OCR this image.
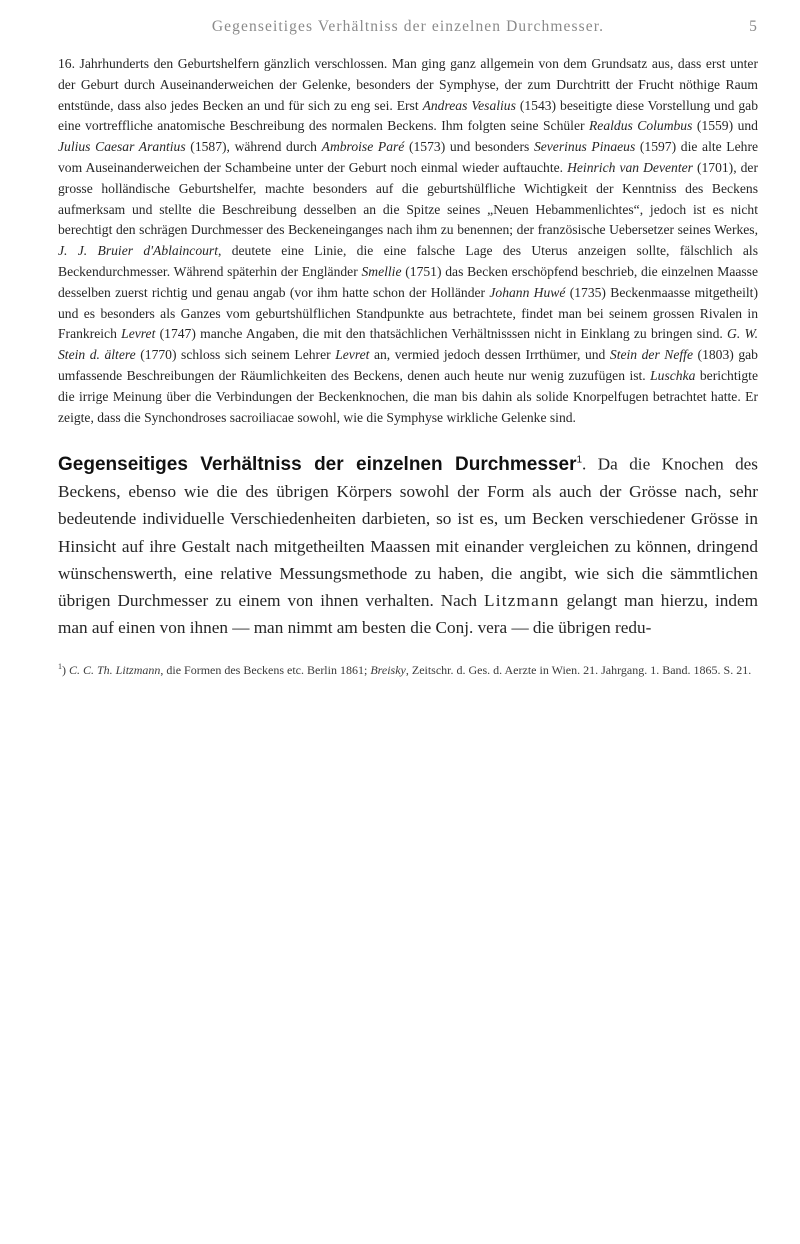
Gegenseitiges Verhältniss der einzelnen Durchmesser.	5

16. Jahrhunderts den Geburtshelfern gänzlich verschlossen. Man ging ganz allgemein von dem Grundsatz aus, dass erst unter der Geburt durch Auseinanderweichen der Gelenke, besonders der Symphyse, der zum Durchtritt der Frucht nöthige Raum entstünde, dass also jedes Becken an und für sich zu eng sei. Erst Andreas Vesalius (1543) beseitigte diese Vorstellung und gab eine vortreffliche anatomische Beschreibung des normalen Beckens. Ihm folgten seine Schüler Realdus Columbus (1559) und Julius Caesar Arantius (1587), während durch Ambroise Paré (1573) und besonders Severinus Pinaeus (1597) die alte Lehre vom Auseinanderweichen der Schambeine unter der Geburt noch einmal wieder auftauchte. Heinrich van Deventer (1701), der grosse holländische Geburtshelfer, machte besonders auf die geburtshülfliche Wichtigkeit der Kenntniss des Beckens aufmerksam und stellte die Beschreibung desselben an die Spitze seines „Neuen Hebammenlichtes“, jedoch ist es nicht berechtigt den schrägen Durchmesser des Beckeneinganges nach ihm zu benennen; der französische Uebersetzer seines Werkes, J. J. Bruier d'Ablaincourt, deutete eine Linie, die eine falsche Lage des Uterus anzeigen sollte, fälschlich als Beckendurchmesser. Während späterhin der Engländer Smellie (1751) das Becken erschöpfend beschrieb, die einzelnen Maasse desselben zuerst richtig und genau angab (vor ihm hatte schon der Holländer Johann Huwé (1735) Beckenmaasse mitgetheilt) und es besonders als Ganzes vom geburtshülflichen Standpunkte aus betrachtete, findet man bei seinem grossen Rivalen in Frankreich Levret (1747) manche Angaben, die mit den thatsächlichen Verhältnisssen nicht in Einklang zu bringen sind. G. W. Stein d. ältere (1770) schloss sich seinem Lehrer Levret an, vermied jedoch dessen Irrthümer, und Stein der Neffe (1803) gab umfassende Beschreibungen der Räumlichkeiten des Beckens, denen auch heute nur wenig zuzufügen ist. Luschka berichtigte die irrige Meinung über die Verbindungen der Beckenknochen, die man bis dahin als solide Knorpelfugen betrachtet hatte. Er zeigte, dass die Synchondroses sacroiliacae sowohl, wie die Symphyse wirkliche Gelenke sind.

Gegenseitiges Verhältniss der einzelnen Durchmesser$^1$. Da die Knochen des Beckens, ebenso wie die des übrigen Körpers sowohl der Form als auch der Grösse nach, sehr bedeutende individuelle Verschiedenheiten darbieten, so ist es, um Becken verschiedener Grösse in Hinsicht auf ihre Gestalt nach mitgetheilten Maassen mit einander vergleichen zu können, dringend wünschenswerth, eine relative Messungsmethode zu haben, die angibt, wie sich die sämmtlichen übrigen Durchmesser zu einem von ihnen verhalten. Nach Litzmann gelangt man hierzu, indem man auf einen von ihnen — man nimmt am besten die Conj. vera — die übrigen redu-

$^1$) C. C. Th. Litzmann, die Formen des Beckens etc. Berlin 1861; Breisky, Zeitschr. d. Ges. d. Aerzte in Wien. 21. Jahrgang. 1. Band. 1865. S. 21.
